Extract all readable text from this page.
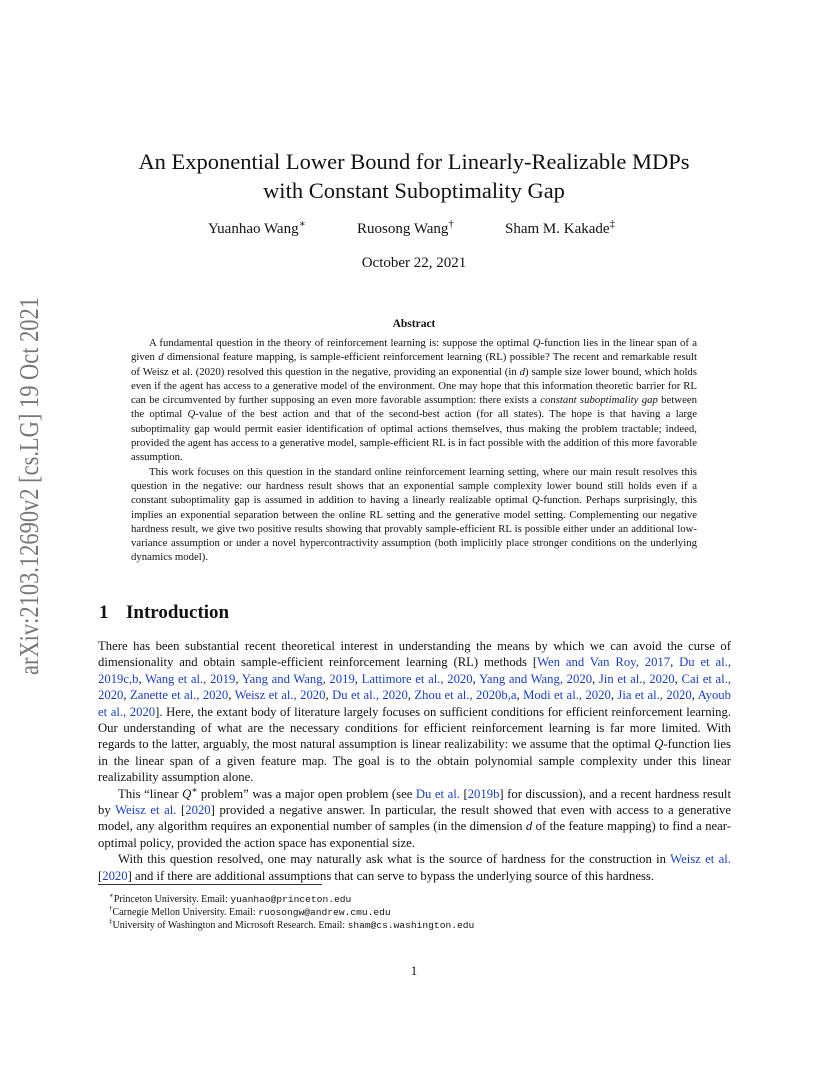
arXiv:2103.12690v2 [cs.LG] 19 Oct 2021
An Exponential Lower Bound for Linearly-Realizable MDPs
with Constant Suboptimality Gap
Yuanhao Wang∗	Ruosong Wang†	Sham M. Kakade‡
October 22, 2021
Abstract

A fundamental question in the theory of reinforcement learning is: suppose the optimal Q-function lies in the linear span of a given d dimensional feature mapping, is sample-efficient reinforcement learning (RL) possible? The recent and remarkable result of Weisz et al. (2020) resolved this question in the negative, providing an exponential (in d) sample size lower bound, which holds even if the agent has access to a generative model of the environment. One may hope that this information theoretic barrier for RL can be circumvented by further supposing an even more favorable assumption: there exists a constant suboptimality gap between the optimal Q-value of the best action and that of the second-best action (for all states). The hope is that having a large suboptimality gap would permit easier identification of optimal actions themselves, thus making the problem tractable; indeed, provided the agent has access to a generative model, sample-efficient RL is in fact possible with the addition of this more favorable assumption.

This work focuses on this question in the standard online reinforcement learning setting, where our main result resolves this question in the negative: our hardness result shows that an exponential sample complexity lower bound still holds even if a constant suboptimality gap is assumed in addition to having a linearly realizable optimal Q-function. Perhaps surprisingly, this implies an exponential separation between the online RL setting and the generative model setting. Complementing our negative hardness result, we give two positive results showing that provably sample-efficient RL is possible either under an additional low-variance assumption or under a novel hypercontractivity assumption (both implicitly place stronger conditions on the underlying dynamics model).

1 Introduction

There has been substantial recent theoretical interest in understanding the means by which we can avoid the curse of dimensionality and obtain sample-efficient reinforcement learning (RL) methods [Wen and Van Roy, 2017, Du et al., 2019c,b, Wang et al., 2019, Yang and Wang, 2019, Lattimore et al., 2020, Yang and Wang, 2020, Jin et al., 2020, Cai et al., 2020, Zanette et al., 2020, Weisz et al., 2020, Du et al., 2020, Zhou et al., 2020b,a, Modi et al., 2020, Jia et al., 2020, Ayoub et al., 2020]. Here, the extant body of literature largely focuses on sufficient conditions for efficient reinforcement learning. Our understanding of what are the necessary conditions for efficient reinforcement learning is far more limited. With regards to the latter, arguably, the most natural assumption is linear realizability: we assume that the optimal Q-function lies in the linear span of a given feature map. The goal is to the obtain polynomial sample complexity under this linear realizability assumption alone.

This “linear Q∗ problem” was a major open problem (see Du et al. [2019b] for discussion), and a recent hardness result by Weisz et al. [2020] provided a negative answer. In particular, the result showed that even with access to a generative model, any algorithm requires an exponential number of samples (in the dimension d of the feature mapping) to find a near-optimal policy, provided the action space has exponential size.

With this question resolved, one may naturally ask what is the source of hardness for the construction in Weisz et al. [2020] and if there are additional assumptions that can serve to bypass the underlying source of this hardness.

∗Princeton University. Email: yuanhao@princeton.edu
†Carnegie Mellon University. Email: ruosongw@andrew.cmu.edu
‡University of Washington and Microsoft Research. Email: sham@cs.washington.edu
1
